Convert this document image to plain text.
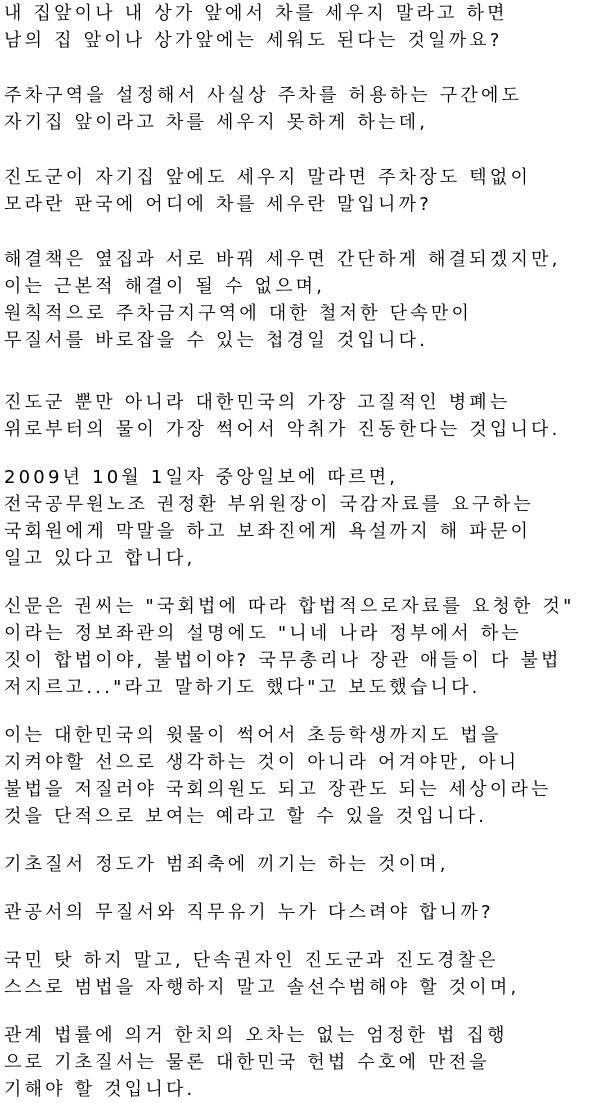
내 집앞이나 내 상가 앞에서 차를 세우지 말라고 하면
남의 집 앞이나 상가앞에는 세워도 된다는 것일까요?
주차구역을 설정해서 사실상 주차를 허용하는 구간에도
자기집 앞이라고 차를 세우지 못하게 하는데,
진도군이 자기집 앞에도 세우지 말라면 주차장도 텍없이
모라란 판국에 어디에 차를 세우란 말입니까?
해결책은 옆집과 서로 바꿔 세우면 간단하게 해결되겠지만,
이는 근본적 해결이 될 수 없으며,
원칙적으로 주차금지구역에 대한 철저한 단속만이
무질서를 바로잡을 수 있는 첩경일 것입니다.
진도군 뿐만 아니라 대한민국의 가장 고질적인 병폐는
위로부터의 물이 가장 썩어서 악취가 진동한다는 것입니다.
2009년 10월 1일자 중앙일보에 따르면,
전국공무원노조 권정환 부위원장이 국감자료를 요구하는
국회원에게 막말을 하고 보좌진에게 욕설까지 해 파문이
일고 있다고 합니다,
신문은 권씨는 "국회법에 따라 합법적으로자료를 요청한 것"
이라는 정보좌관의 설명에도 "니네 나라 정부에서 하는
짓이 합법이야, 불법이야? 국무총리나 장관 애들이 다 불법
저지르고..."라고 말하기도 했다"고 보도했습니다.
이는 대한민국의 윗물이 썩어서 초등학생까지도 법을
지켜야할 선으로 생각하는 것이 아니라 어겨야만, 아니
불법을 저질러야 국회의원도 되고 장관도 되는 세상이라는
것을 단적으로 보여는 예라고 할 수 있을 것입니다.
기초질서 정도가 범죄축에 끼기는 하는 것이며,
관공서의 무질서와 직무유기 누가 다스려야 합니까?
국민 탓 하지 말고, 단속권자인 진도군과 진도경찰은
스스로 범법을 자행하지 말고 솔선수범해야 할 것이며,
관계 법률에 의거 한치의 오차는 없는 엄정한 법 집행
으로 기초질서는 물론 대한민국 헌법 수호에 만전을
기해야 할 것입니다.
